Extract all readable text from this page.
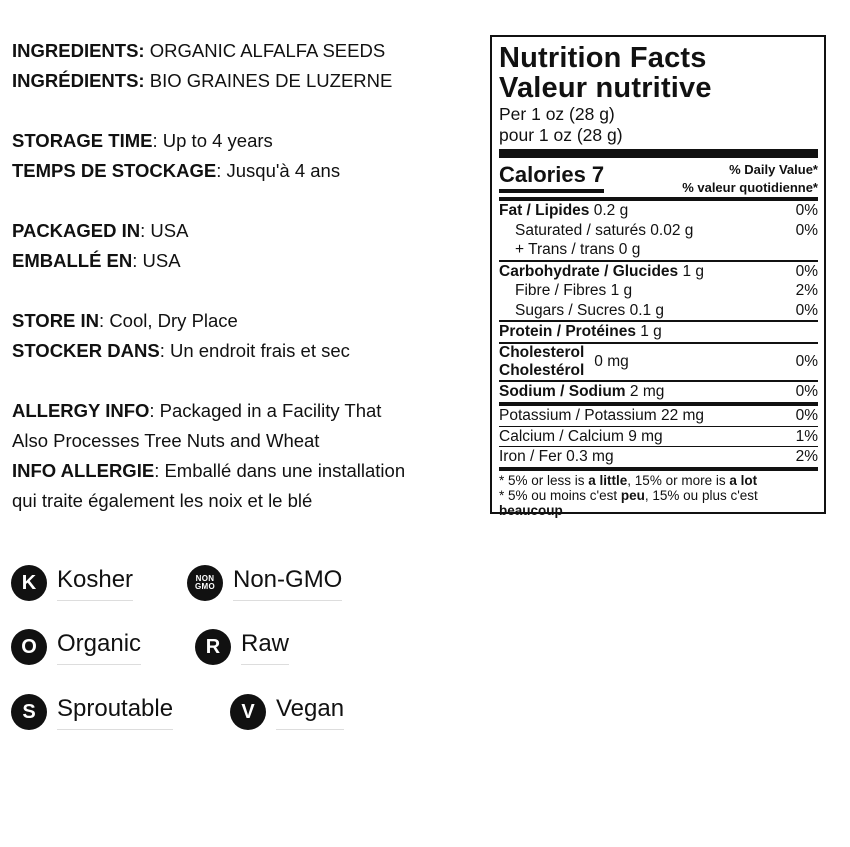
INGREDIENTS: ORGANIC ALFALFA SEEDS
INGRÉDIENTS: BIO GRAINES DE LUZERNE
STORAGE TIME: Up to 4 years
TEMPS DE STOCKAGE: Jusqu'à 4 ans
PACKAGED IN: USA
EMBALLÉ EN: USA
STORE IN: Cool, Dry Place
STOCKER DANS: Un endroit frais et sec
ALLERGY INFO: Packaged in a Facility That
Also Processes Tree Nuts and Wheat
INFO ALLERGIE: Emballé dans une installation
qui traite également les noix et le blé
Nutrition Facts
Valeur nutritive
Per 1 oz (28 g)
pour 1 oz (28 g)
Calories 7	% Daily Value*
% valeur quotidienne*
Fat / Lipides 0.2 g	0%
Saturated / saturés 0.02 g	0%
+ Trans / trans 0 g
Carbohydrate / Glucides 1 g	0%
Fibre / Fibres 1 g	2%
Sugars / Sucres 0.1 g	0%
Protein / Protéines 1 g
Cholesterol
Cholestérol
0 mg	0%
Sodium / Sodium 2 mg	0%
Potassium / Potassium 22 mg	0%
Calcium / Calcium 9 mg	1%
Iron / Fer 0.3 mg	2%
* 5% or less is a little, 15% or more is a lot
* 5% ou moins c'est peu, 15% ou plus c'est beaucoup
K Kosher	NON
GMO Non-GMO
O Organic	R Raw
S Sproutable	V Vegan
